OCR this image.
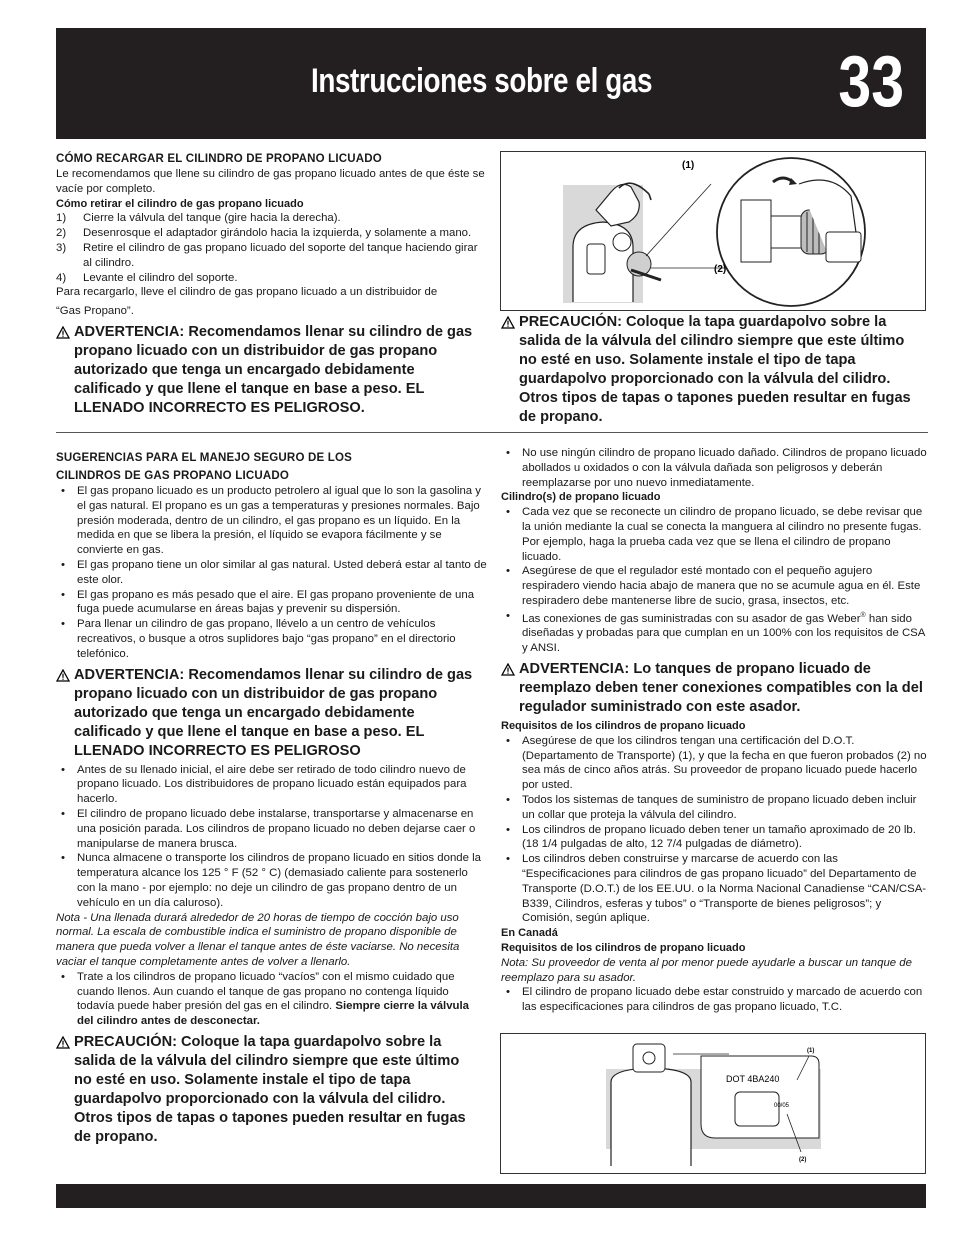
Instrucciones sobre el gas	33
CÓMO RECARGAR EL CILINDRO DE PROPANO LICUADO

Le recomendamos que llene su cilindro de gas propano licuado antes de que éste se vacíe por completo.

Cómo retirar el cilindro de gas propano licuado

1) Cierre la válvula del tanque (gire hacia la derecha).
2) Desenrosque el adaptador girándolo hacia la izquierda, y solamente a mano.
3) Retire el cilindro de gas propano licuado del soporte del tanque haciendo girar al cilindro.
4) Levante el cilindro del soporte.

Para recargarlo, lleve el cilindro de gas propano licuado a un distribuidor de

“Gas Propano”.

ADVERTENCIA: Recomendamos llenar su cilindro de gas propano licuado con un distribuidor de gas propano autorizado que tenga un encargado debidamente calificado y que llene el tanque en base a peso. EL LLENADO INCORRECTO ES PELIGROSO.
(1)
(2)
PRECAUCIÓN: Coloque la tapa guardapolvo sobre la salida de la válvula del cilindro siempre que este último no esté en uso. Solamente instale el tipo de tapa guardapolvo proporcionado con la válvula del cilidro. Otros tipos de tapas o tapones pueden resultar en fugas de propano.
SUGERENCIAS PARA EL MANEJO SEGURO DE LOS
CILINDROS DE GAS PROPANO LICUADO
• El gas propano licuado es un producto petrolero al igual que lo son la gasolina y el gas natural. El propano es un gas a temperaturas y presiones normales. Bajo presión moderada, dentro de un cilindro, el gas propano es un líquido. En la medida en que se libera la presión, el líquido se evapora fácilmente y se convierte en gas.
• El gas propano tiene un olor similar al gas natural. Usted deberá estar al tanto de este olor.
• El gas propano es más pesado que el aire. El gas propano proveniente de una fuga puede acumularse en áreas bajas y prevenir su dispersión.
• Para llenar un cilindro de gas propano, llévelo a un centro de vehículos recreativos, o busque a otros suplidores bajo “gas propano” en el directorio telefónico.
ADVERTENCIA: Recomendamos llenar su cilindro de gas propano licuado con un distribuidor de gas propano autorizado que tenga un encargado debidamente calificado y que llene el tanque en base a peso. EL LLENADO INCORRECTO ES PELIGROSO
• Antes de su llenado inicial, el aire debe ser retirado de todo cilindro nuevo de propano licuado. Los distribuidores de propano licuado están equipados para hacerlo.
• El cilindro de propano licuado debe instalarse, transportarse y almacenarse en una posición parada. Los cilindros de propano licuado no deben dejarse caer o manipularse de manera brusca.
• Nunca almacene o transporte los cilindros de propano licuado en sitios donde la temperatura alcance los 125 ° F (52 ° C) (demasiado caliente para sostenerlo con la mano - por ejemplo: no deje un cilindro de gas propano dentro de un vehículo en un día caluroso).

Nota - Una llenada durará alrededor de 20 horas de tiempo de cocción bajo uso normal. La escala de combustible indica el suministro de propano disponible de manera que pueda volver a llenar el tanque antes de éste vaciarse. No necesita vaciar el tanque completamente antes de volver a llenarlo.

• Trate a los cilindros de propano licuado “vacíos” con el mismo cuidado que cuando llenos. Aun cuando el tanque de gas propano no contenga líquido todavía puede haber presión del gas en el cilindro. Siempre cierre la válvula del cilindro antes de desconectar.
PRECAUCIÓN: Coloque la tapa guardapolvo sobre la salida de la válvula del cilindro siempre que este último no esté en uso. Solamente instale el tipo de tapa guardapolvo proporcionado con la válvula del cilidro. Otros tipos de tapas o tapones pueden resultar en fugas de propano.
• No use ningún cilindro de propano licuado dañado. Cilindros de propano licuado abollados u oxidados o con la válvula dañada son peligrosos y deberán reemplazarse por uno nuevo inmediatamente.

Cilindro(s) de propano licuado

• Cada vez que se reconecte un cilindro de propano licuado, se debe revisar que la unión mediante la cual se conecta la manguera al cilindro no presente fugas. Por ejemplo, haga la prueba cada vez que se llena el cilindro de propano licuado.
• Asegúrese de que el regulador esté montado con el pequeño agujero respiradero viendo hacia abajo de manera que no se acumule agua en él. Este respiradero debe mantenerse libre de sucio, grasa, insectos, etc.
• Las conexiones de gas suministradas con su asador de gas Weber® han sido diseñadas y probadas para que cumplan en un 100% con los requisitos de CSA y ANSI.
ADVERTENCIA: Lo tanques de propano licuado de reemplazo deben tener conexiones compatibles con la del regulador suministrado con este asador.

Requisitos de los cilindros de propano licuado

• Asegúrese de que los cilindros tengan una certificación del D.O.T. (Departamento de Transporte) (1), y que la fecha en que fueron probados (2) no sea más de cinco años atrás. Su proveedor de propano licuado puede hacerlo por usted.
• Todos los sistemas de tanques de suministro de propano licuado deben incluir un collar que proteja la válvula del cilindro.
• Los cilindros de propano licuado deben tener un tamaño aproximado de 20 lb. (18 1/4 pulgadas de alto, 12 7/4 pulgadas de diámetro).
• Los cilindros deben construirse y marcarse de acuerdo con las “Especificaciones para cilindros de gas propano licuado” del Departamento de Transporte (D.O.T.) de los EE.UU. o la Norma Nacional Canadiense “CAN/CSA-B339, Cilindros, esferas y tubos” o “Transporte de bienes peligrosos”; y Comisión, según aplique.

En Canadá

Requisitos de los cilindros de propano licuado

Nota: Su proveedor de venta al por menor puede ayudarle a buscar un tanque de reemplazo para su asador.

• El cilindro de propano licuado debe estar construido y marcado de acuerdo con las especificaciones para cilindros de gas propano licuado, T.C.
DOT 4BA240
00/05
(1)
(2)
